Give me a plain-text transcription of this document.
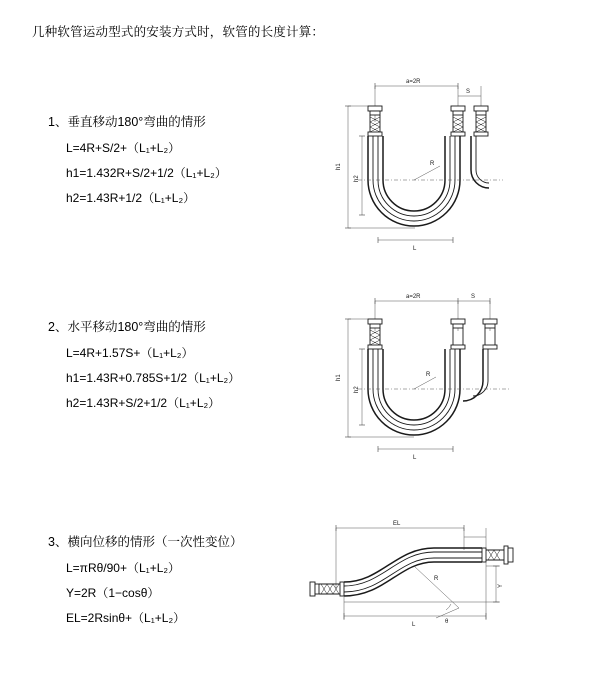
几种软管运动型式的安装方式时，软管的长度计算：
1、垂直移动180°弯曲的情形
L=4R+S/2+（L₁+L₂）
h1=1.432R+S/2+1/2（L₁+L₂）
h2=1.43R+1/2（L₁+L₂）
a=2R
S
R
h1
h2
L
2、水平移动180°弯曲的情形
L=4R+1.57S+（L₁+L₂）
h1=1.43R+0.785S+1/2（L₁+L₂）
h2=1.43R+S/2+1/2（L₁+L₂）
a=2R	S
R
h1
h2
L
3、横向位移的情形（一次性变位）
L=πRθ/90+（L₁+L₂）
Y=2R（1−cosθ）
EL=2Rsinθ+（L₁+L₂）
EL
R
θ
Y
L
